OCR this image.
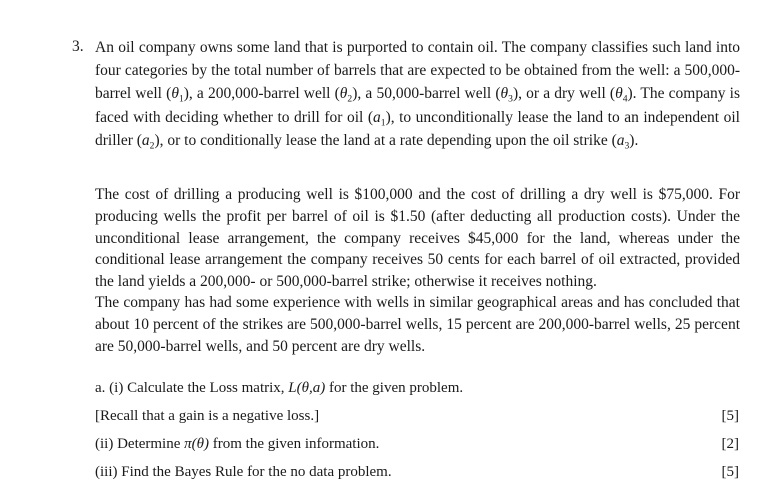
3. An oil company owns some land that is purported to contain oil. The company classifies such land into four categories by the total number of barrels that are expected to be obtained from the well: a 500,000-barrel well $(\theta_1)$, a 200,000-barrel well $(\theta_2)$, a 50,000-barrel well $(\theta_3)$, or a dry well $(\theta_4)$. The company is faced with deciding whether to drill for oil $(a_1)$, to unconditionally lease the land to an independent oil driller $(a_2)$, or to conditionally lease the land at a rate depending upon the oil strike $(a_3)$.

The cost of drilling a producing well is $100,000 and the cost of drilling a dry well is $75,000. For producing wells the profit per barrel of oil is $1.50 (after deducting all production costs). Under the unconditional lease arrangement, the company receives $45,000 for the land, whereas under the conditional lease arrangement the company receives 50 cents for each barrel of oil extracted, provided the land yields a 200,000- or 500,000-barrel strike; otherwise it receives nothing.

The company has had some experience with wells in similar geographical areas and has concluded that about 10 percent of the strikes are 500,000-barrel wells, 15 percent are 200,000-barrel wells, 25 percent are 50,000-barrel wells, and 50 percent are dry wells.

a. (i) Calculate the Loss matrix, L(θ,a) for the given problem.
[Recall that a gain is a negative loss.]	[5]
(ii) Determine π(θ) from the given information.	[2]
(iii) Find the Bayes Rule for the no data problem.	[5]
